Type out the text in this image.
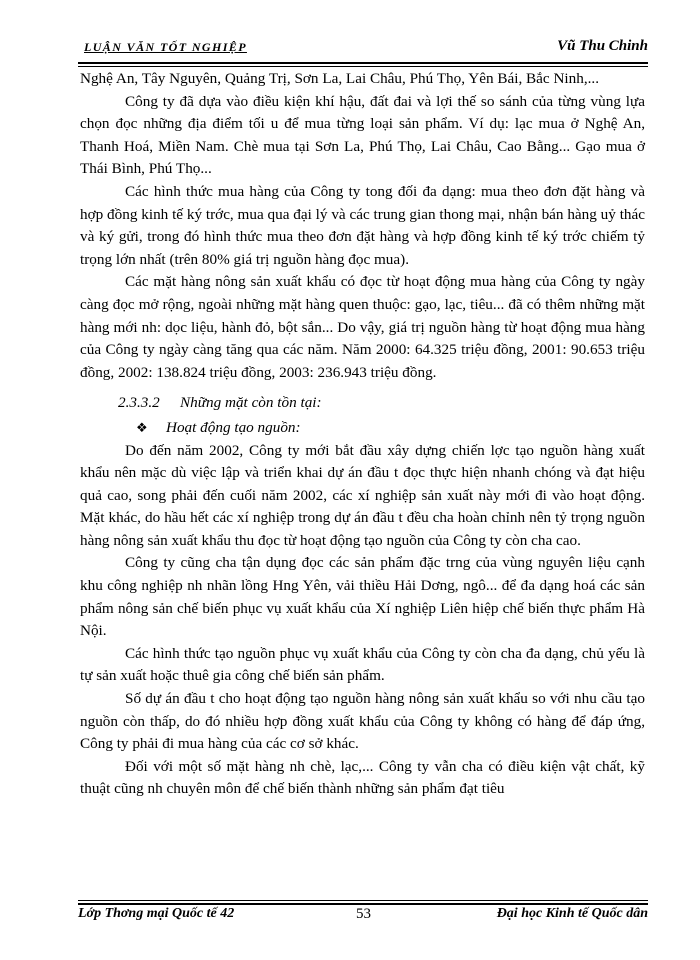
LUẬN VĂN TỐT NGHIỆP	Vũ Thu Chinh

Nghệ An, Tây Nguyên, Quảng Trị, Sơn La, Lai Châu, Phú Thọ, Yên Bái, Bắc Ninh,...

Công ty đã dựa vào điều kiện khí hậu, đất đai và lợi thế so sánh của từng vùng lựa chọn đọc những địa điểm tối u để mua từng loại sản phẩm. Ví dụ: lạc mua ở Nghệ An, Thanh Hoá, Miền Nam. Chè mua tại Sơn La, Phú Thọ, Lai Châu, Cao Bằng... Gạo mua ở Thái Bình, Phú Thọ...

Các hình thức mua hàng của Công ty tong đối đa dạng: mua theo đơn đặt hàng và hợp đồng kinh tế ký trớc, mua qua đại lý và các trung gian thong mại, nhận bán hàng uỷ thác và ký gửi, trong đó hình thức mua theo đơn đặt hàng và hợp đồng kinh tế ký trớc chiếm tỷ trọng lớn nhất (trên 80% giá trị nguồn hàng đọc mua).

Các mặt hàng nông sản xuất khẩu có đọc từ hoạt động mua hàng của Công ty ngày càng đọc mở rộng, ngoài những mặt hàng quen thuộc: gạo, lạc, tiêu... đã có thêm những mặt hàng mới nh: dọc liệu, hành đỏ, bột sắn... Do vậy, giá trị nguồn hàng từ hoạt động mua hàng của Công ty ngày càng tăng qua các năm. Năm 2000: 64.325 triệu đồng, 2001: 90.653 triệu đồng, 2002: 138.824 triệu đồng, 2003: 236.943 triệu đồng.

2.3.3.2 Những mặt còn tồn tại:

❖ Hoạt động tạo nguồn:

Do đến năm 2002, Công ty mới bắt đầu xây dựng chiến lợc tạo nguồn hàng xuất khẩu nên mặc dù việc lập và triển khai dự án đầu t đọc thực hiện nhanh chóng và đạt hiệu quả cao, song phải đến cuối năm 2002, các xí nghiệp sản xuất này mới đi vào hoạt động. Mặt khác, do hầu hết các xí nghiệp trong dự án đầu t đều cha hoàn chỉnh nên tỷ trọng nguồn hàng nông sản xuất khẩu thu đọc từ hoạt động tạo nguồn của Công ty còn cha cao.

Công ty cũng cha tận dụng đọc các sản phẩm đặc trng của vùng nguyên liệu cạnh khu công nghiệp nh nhãn lồng Hng Yên, vải thiều Hải Dơng, ngô... để đa dạng hoá các sản phẩm nông sản chế biến phục vụ xuất khẩu của Xí nghiệp Liên hiệp chế biến thực phẩm Hà Nội.

Các hình thức tạo nguồn phục vụ xuất khẩu của Công ty còn cha đa dạng, chủ yếu là tự sản xuất hoặc thuê gia công chế biến sản phẩm.

Số dự án đầu t cho hoạt động tạo nguồn hàng nông sản xuất khẩu so với nhu cầu tạo nguồn còn thấp, do đó nhiều hợp đồng xuất khẩu của Công ty không có hàng để đáp ứng, Công ty phải đi mua hàng của các cơ sở khác.

Đối với một số mặt hàng nh chè, lạc,... Công ty vẫn cha có điều kiện vật chất, kỹ thuật cũng nh chuyên môn để chế biến thành những sản phẩm đạt tiêu

Lớp Thơng mại Quốc tế 42	53	Đại học Kinh tế Quốc dân
